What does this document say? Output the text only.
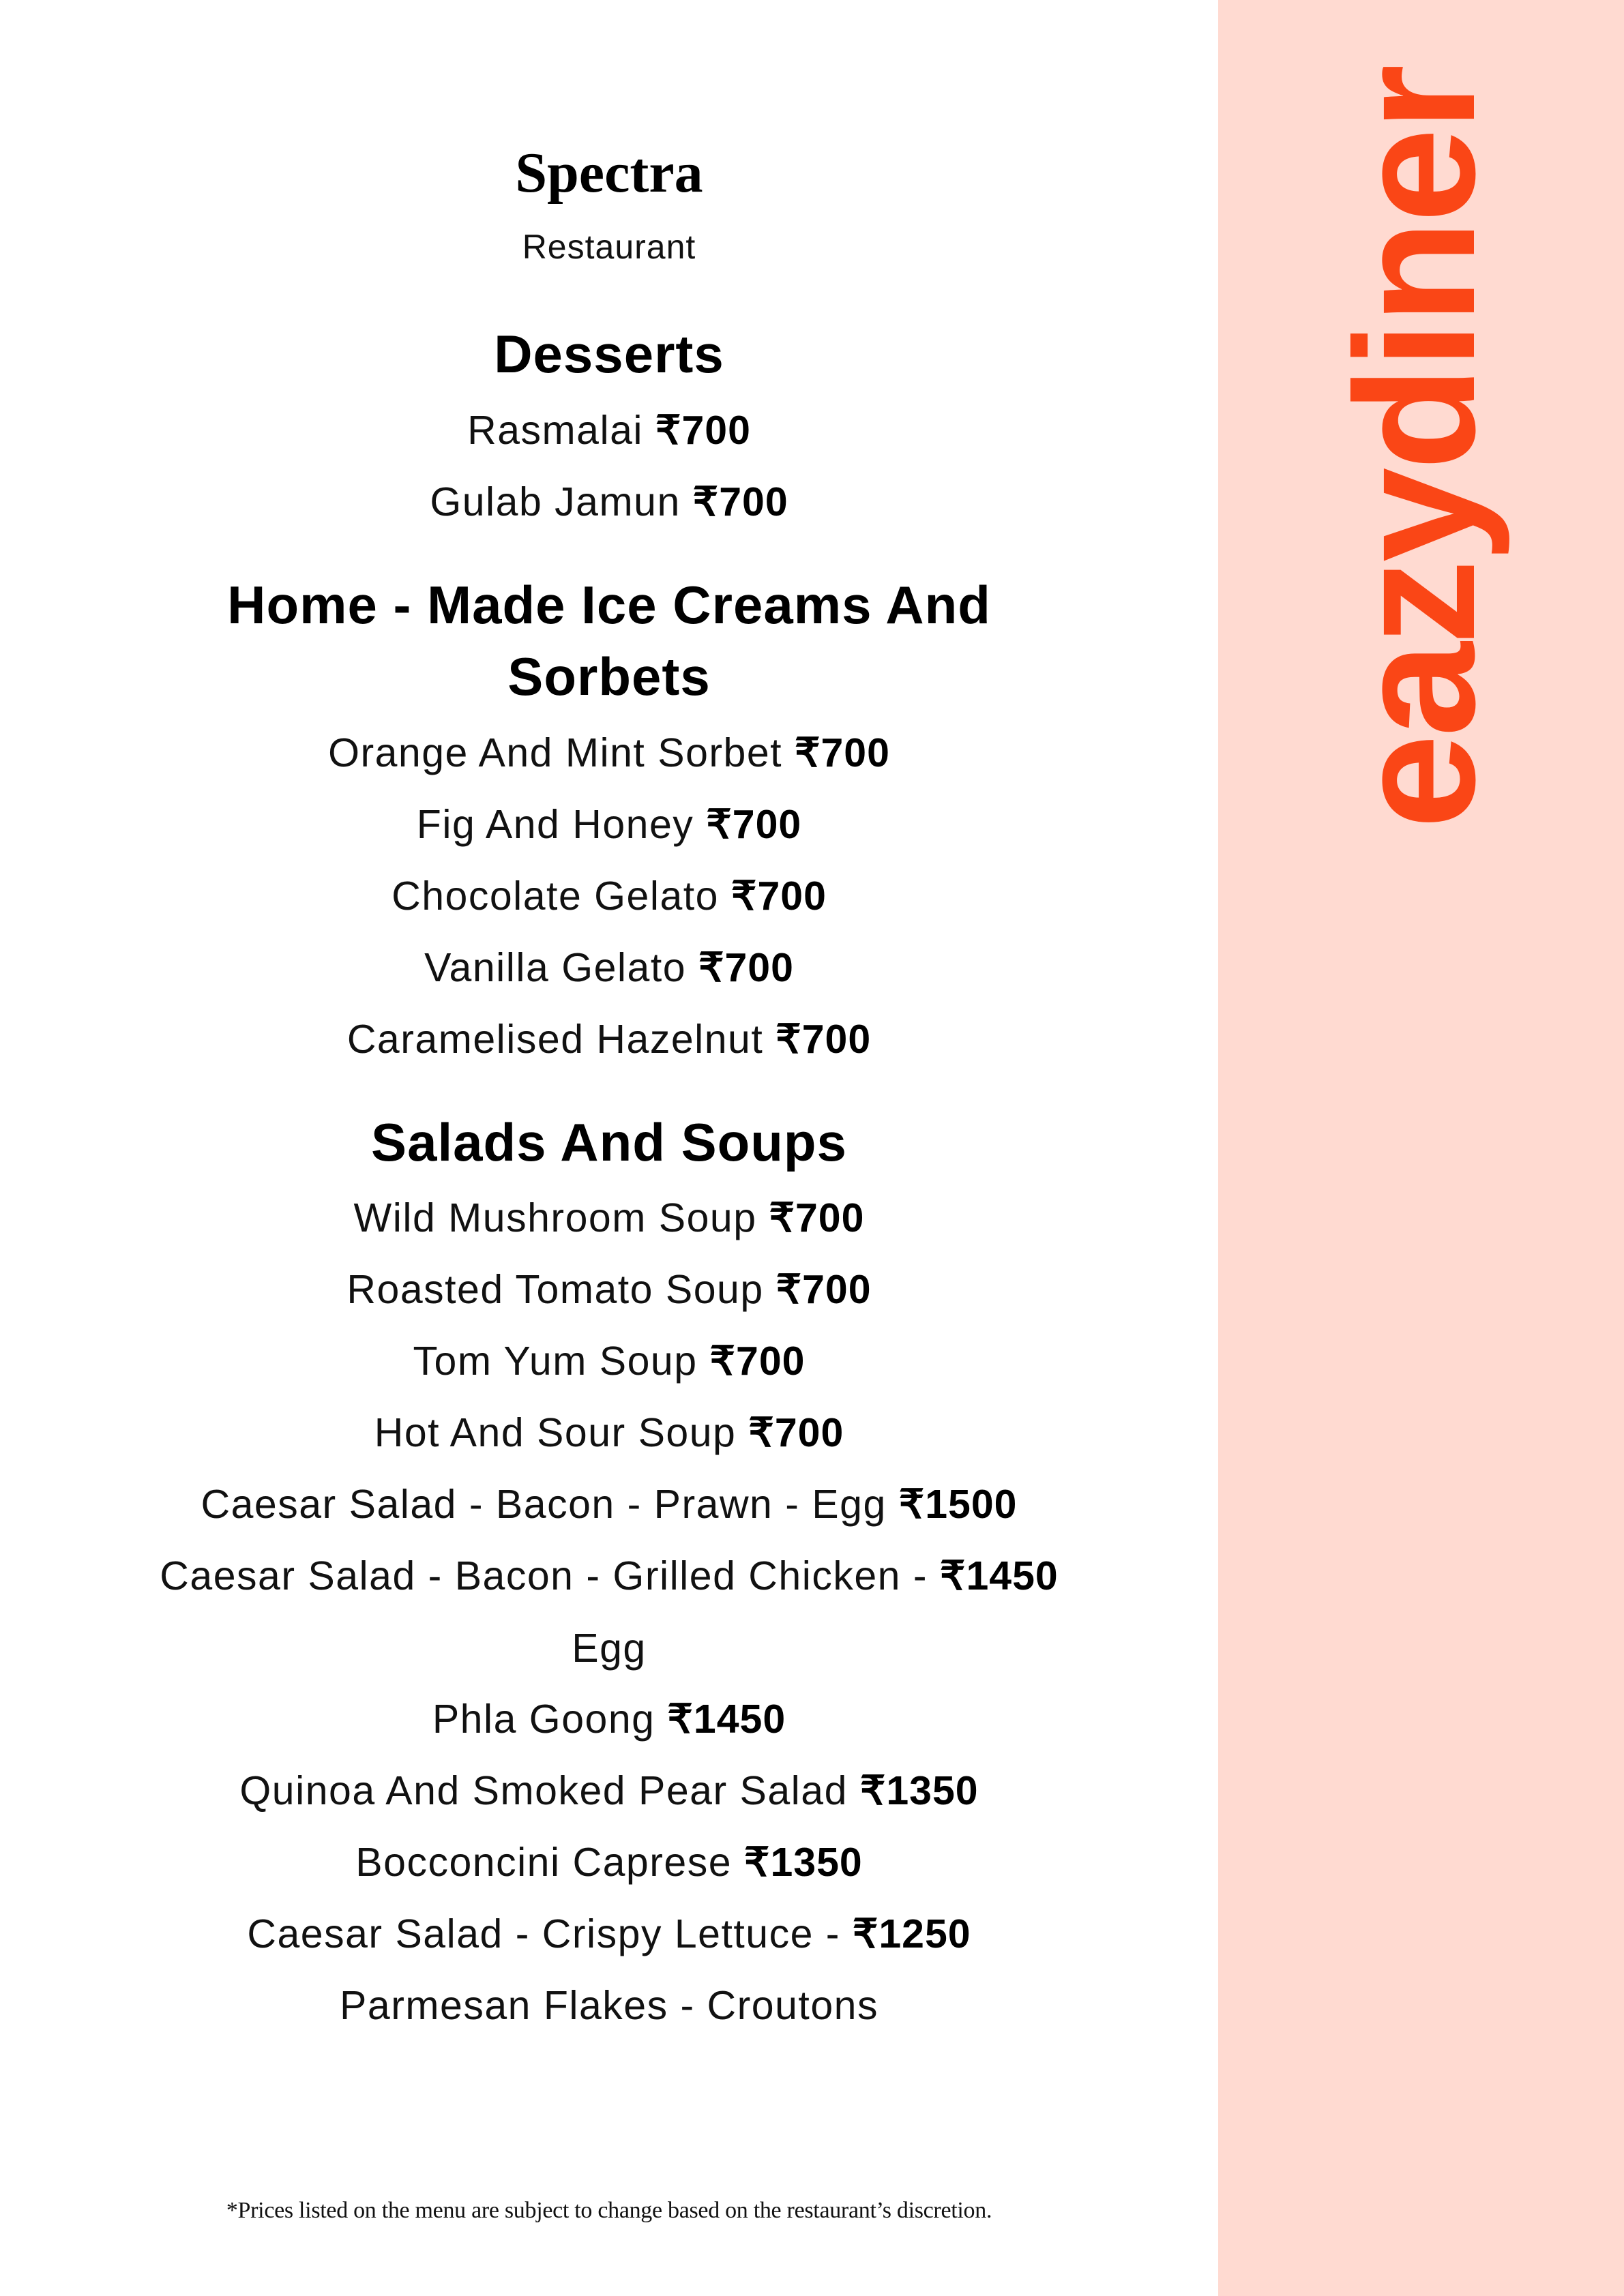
Spectra
Restaurant
Desserts
Rasmalai ₹700
Gulab Jamun ₹700
Home - Made Ice Creams And
Sorbets
Orange And Mint Sorbet ₹700
Fig And Honey ₹700
Chocolate Gelato ₹700
Vanilla Gelato ₹700
Caramelised Hazelnut ₹700
Salads And Soups
Wild Mushroom Soup ₹700
Roasted Tomato Soup ₹700
Tom Yum Soup ₹700
Hot And Sour Soup ₹700
Caesar Salad - Bacon - Prawn - Egg ₹1500
Caesar Salad - Bacon - Grilled Chicken - ₹1450
Egg
Phla Goong ₹1450
Quinoa And Smoked Pear Salad ₹1350
Bocconcini Caprese ₹1350
Caesar Salad - Crispy Lettuce - ₹1250
Parmesan Flakes - Croutons
*Prices listed on the menu are subject to change based on the restaurant’s discretion.
eazydiner
